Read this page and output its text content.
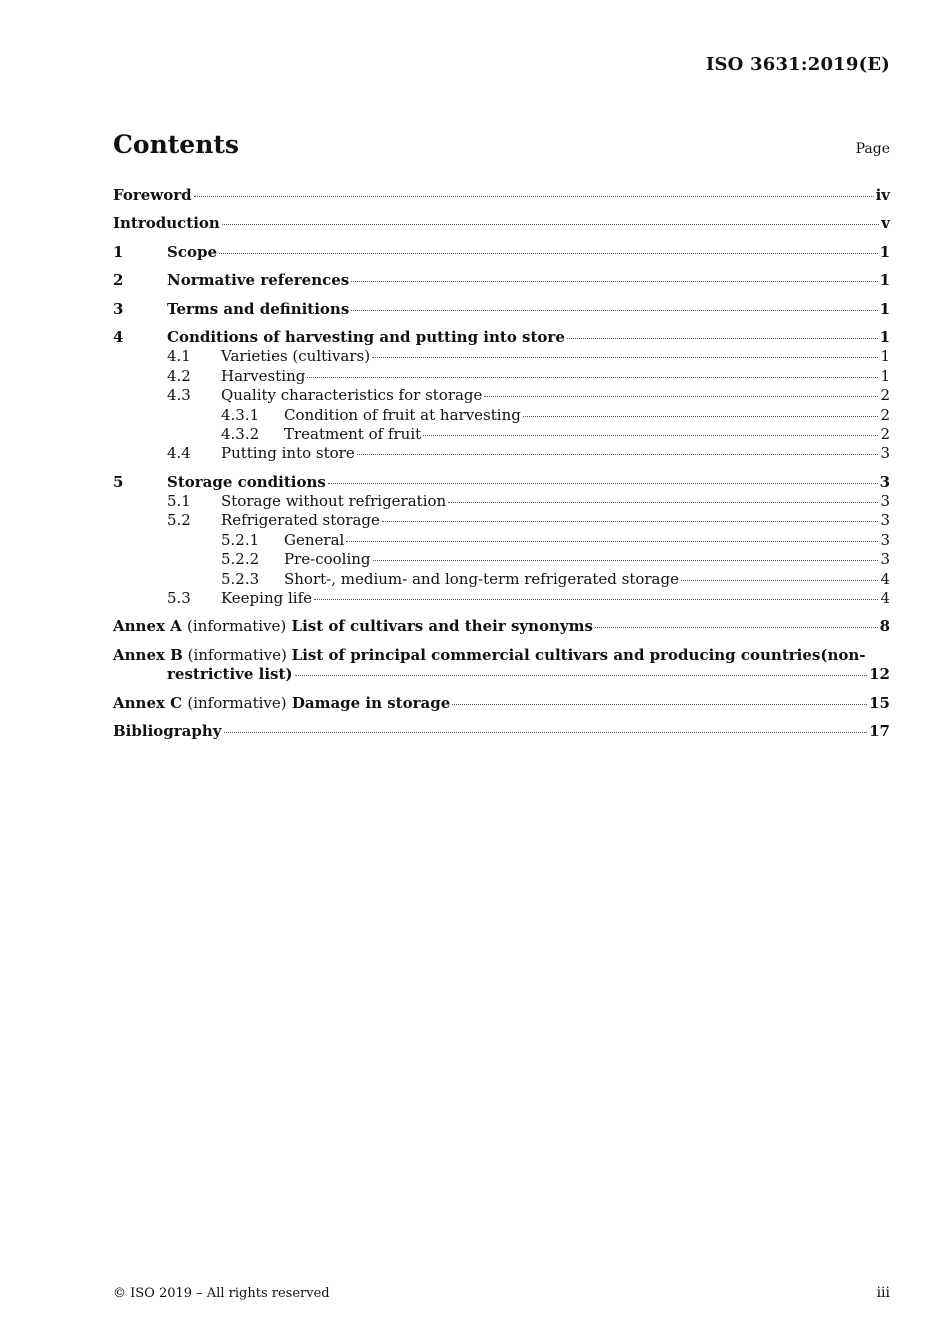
ISO 3631:2019(E)
Contents	Page
Foreword	iv
Introduction	v
1	Scope	1
2	Normative references	1
3	Terms and definitions	1
4	Conditions of harvesting and putting into store	1
4.1	Varieties (cultivars)	1
4.2	Harvesting	1
4.3	Quality characteristics for storage	2
4.3.1	Condition of fruit at harvesting	2
4.3.2	Treatment of fruit	2
4.4	Putting into store	3
5	Storage conditions	3
5.1	Storage without refrigeration	3
5.2	Refrigerated storage	3
5.2.1	General	3
5.2.2	Pre-cooling	3
5.2.3	Short-, medium- and long-term refrigerated storage	4
5.3	Keeping life	4
Annex A (informative) List of cultivars and their synonyms	8
Annex B (informative) List of principal commercial cultivars and producing countries(non-
restrictive list)	12
Annex C (informative) Damage in storage	15
Bibliography	17
© ISO 2019 – All rights reserved	iii
